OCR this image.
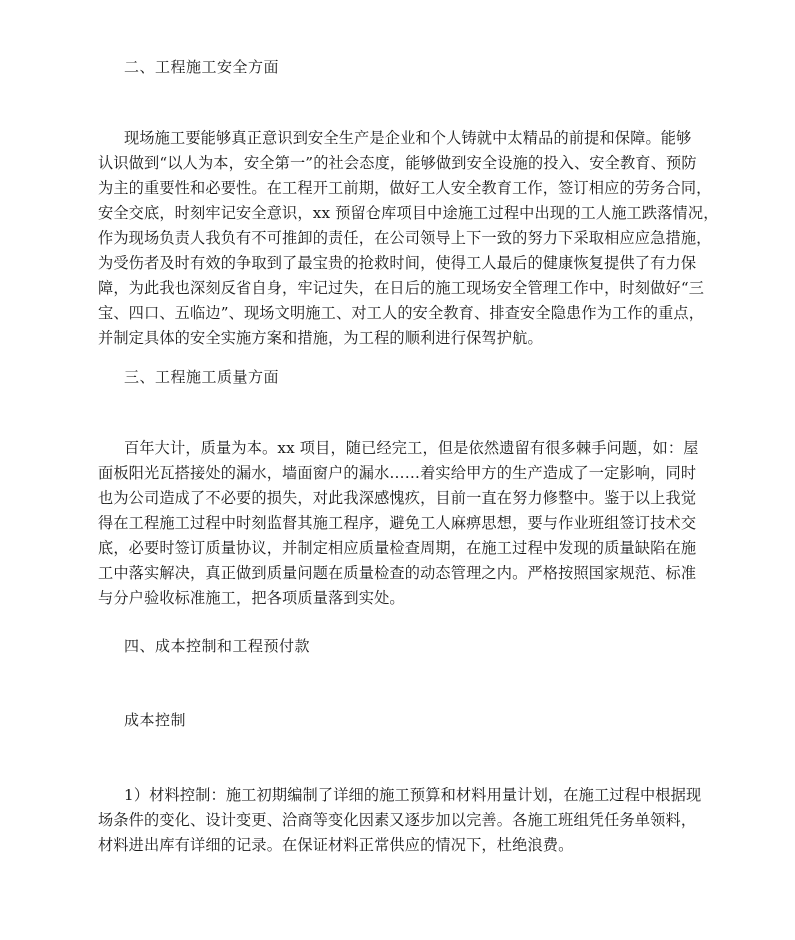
二、工程施工安全方面
现场施工要能够真正意识到安全生产是企业和个人铸就中太精品的前提和保障。能够
认识做到“以人为本，安全第一”的社会态度，能够做到安全设施的投入、安全教育、预防
为主的重要性和必要性。在工程开工前期，做好工人安全教育工作，签订相应的劳务合同，
安全交底，时刻牢记安全意识，xx 预留仓库项目中途施工过程中出现的工人施工跌落情况，
作为现场负责人我负有不可推卸的责任，在公司领导上下一致的努力下采取相应应急措施，
为受伤者及时有效的争取到了最宝贵的抢救时间，使得工人最后的健康恢复提供了有力保
障，为此我也深刻反省自身，牢记过失，在日后的施工现场安全管理工作中，时刻做好“三
宝、四口、五临边”、现场文明施工、对工人的安全教育、排查安全隐患作为工作的重点，
并制定具体的安全实施方案和措施，为工程的顺利进行保驾护航。
三、工程施工质量方面
百年大计，质量为本。xx 项目，随已经完工，但是依然遗留有很多棘手问题，如：屋
面板阳光瓦搭接处的漏水，墙面窗户的漏水……着实给甲方的生产造成了一定影响，同时
也为公司造成了不必要的损失，对此我深感愧疚，目前一直在努力修整中。鉴于以上我觉
得在工程施工过程中时刻监督其施工程序，避免工人麻痹思想，要与作业班组签订技术交
底，必要时签订质量协议，并制定相应质量检查周期，在施工过程中发现的质量缺陷在施
工中落实解决，真正做到质量问题在质量检查的动态管理之内。严格按照国家规范、标准
与分户验收标准施工，把各项质量落到实处。
四、成本控制和工程预付款
成本控制
1）材料控制：施工初期编制了详细的施工预算和材料用量计划，在施工过程中根据现
场条件的变化、设计变更、洽商等变化因素又逐步加以完善。各施工班组凭任务单领料，
材料进出库有详细的记录。在保证材料正常供应的情况下，杜绝浪费。
